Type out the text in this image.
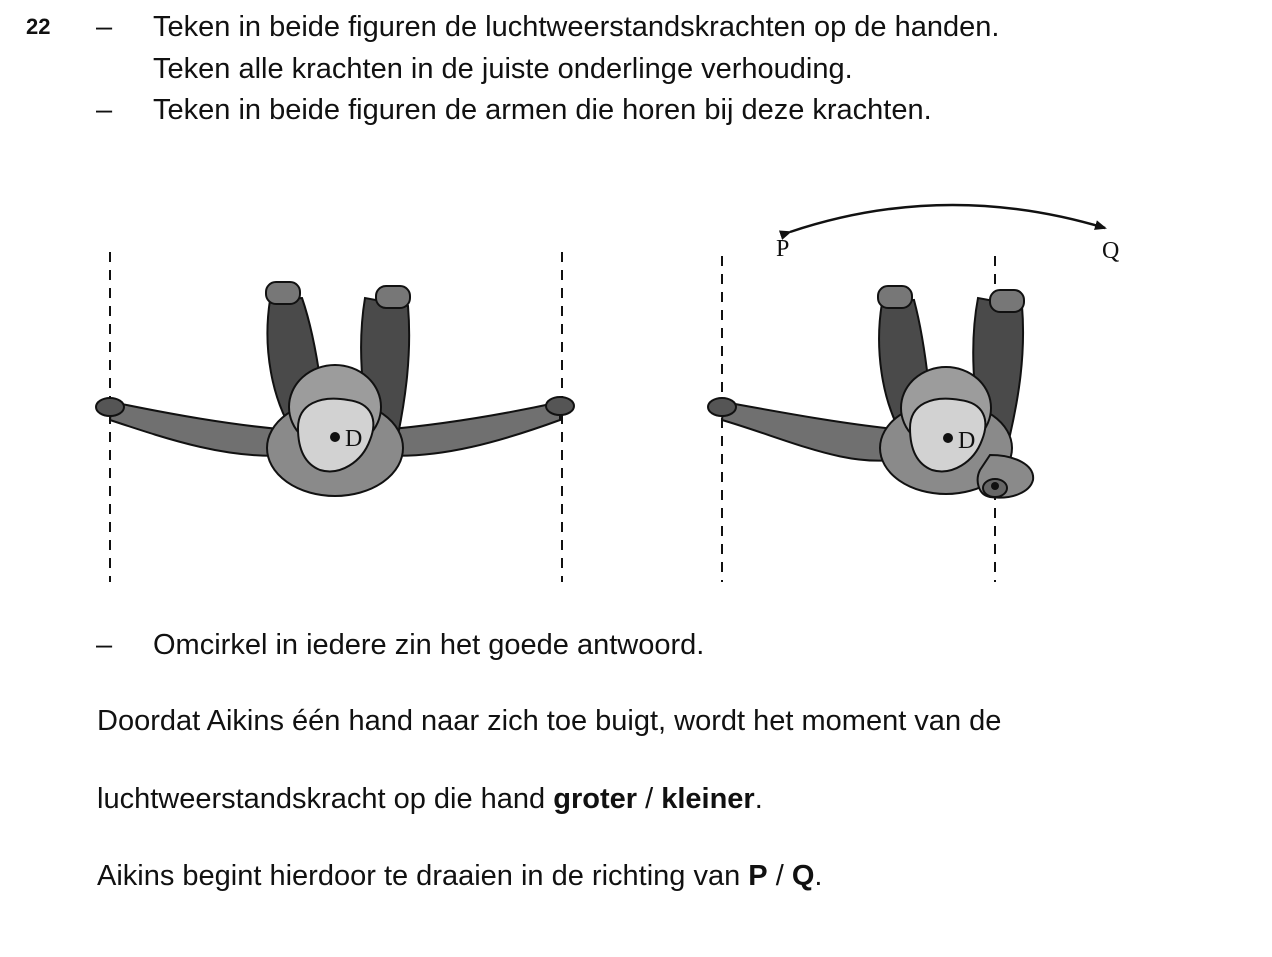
22 –	Teken in beide figuren de luchtweerstandskrachten op de handen.
Teken alle krachten in de juiste onderlinge verhouding.
–	Teken in beide figuren de armen die horen bij deze krachten.
D
P	Q
D
–	Omcirkel in iedere zin het goede antwoord.
Doordat Aikins één hand naar zich toe buigt, wordt het moment van de
luchtweerstandskracht op die hand groter / kleiner.
Aikins begint hierdoor te draaien in de richting van P / Q.
